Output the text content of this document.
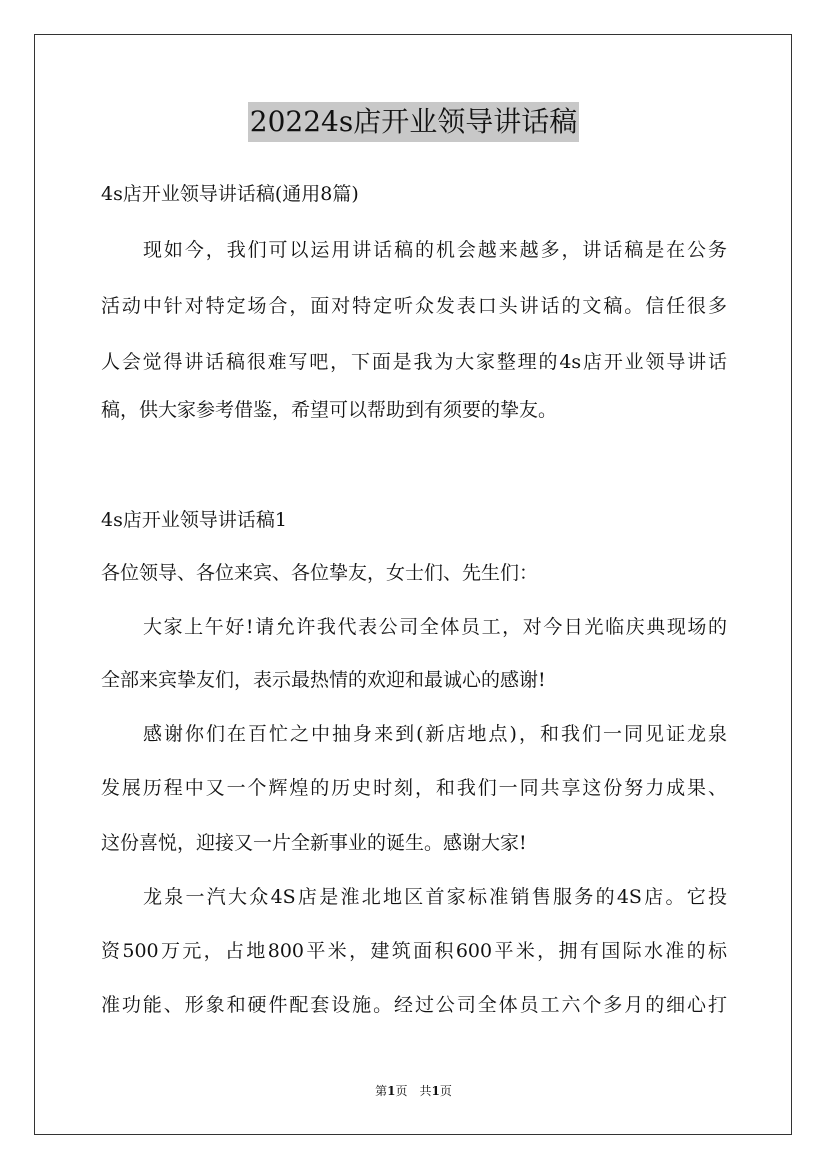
20224s店开业领导讲话稿
4s店开业领导讲话稿(通用8篇)
现如今，我们可以运用讲话稿的机会越来越多，讲话稿是在公务
活动中针对特定场合，面对特定听众发表口头讲话的文稿。信任很多
人会觉得讲话稿很难写吧，下面是我为大家整理的4s店开业领导讲话
稿，供大家参考借鉴，希望可以帮助到有须要的挚友。
4s店开业领导讲话稿1
各位领导、各位来宾、各位挚友，女士们、先生们：
大家上午好!请允许我代表公司全体员工，对今日光临庆典现场的
全部来宾挚友们，表示最热情的欢迎和最诚心的感谢!
感谢你们在百忙之中抽身来到(新店地点)，和我们一同见证龙泉
发展历程中又一个辉煌的历史时刻，和我们一同共享这份努力成果、
这份喜悦，迎接又一片全新事业的诞生。感谢大家!
龙泉一汽大众4S店是淮北地区首家标准销售服务的4S店。它投
资500万元，占地800平米，建筑面积600平米，拥有国际水准的标
准功能、形象和硬件配套设施。经过公司全体员工六个多月的细心打
第1页　共1页
